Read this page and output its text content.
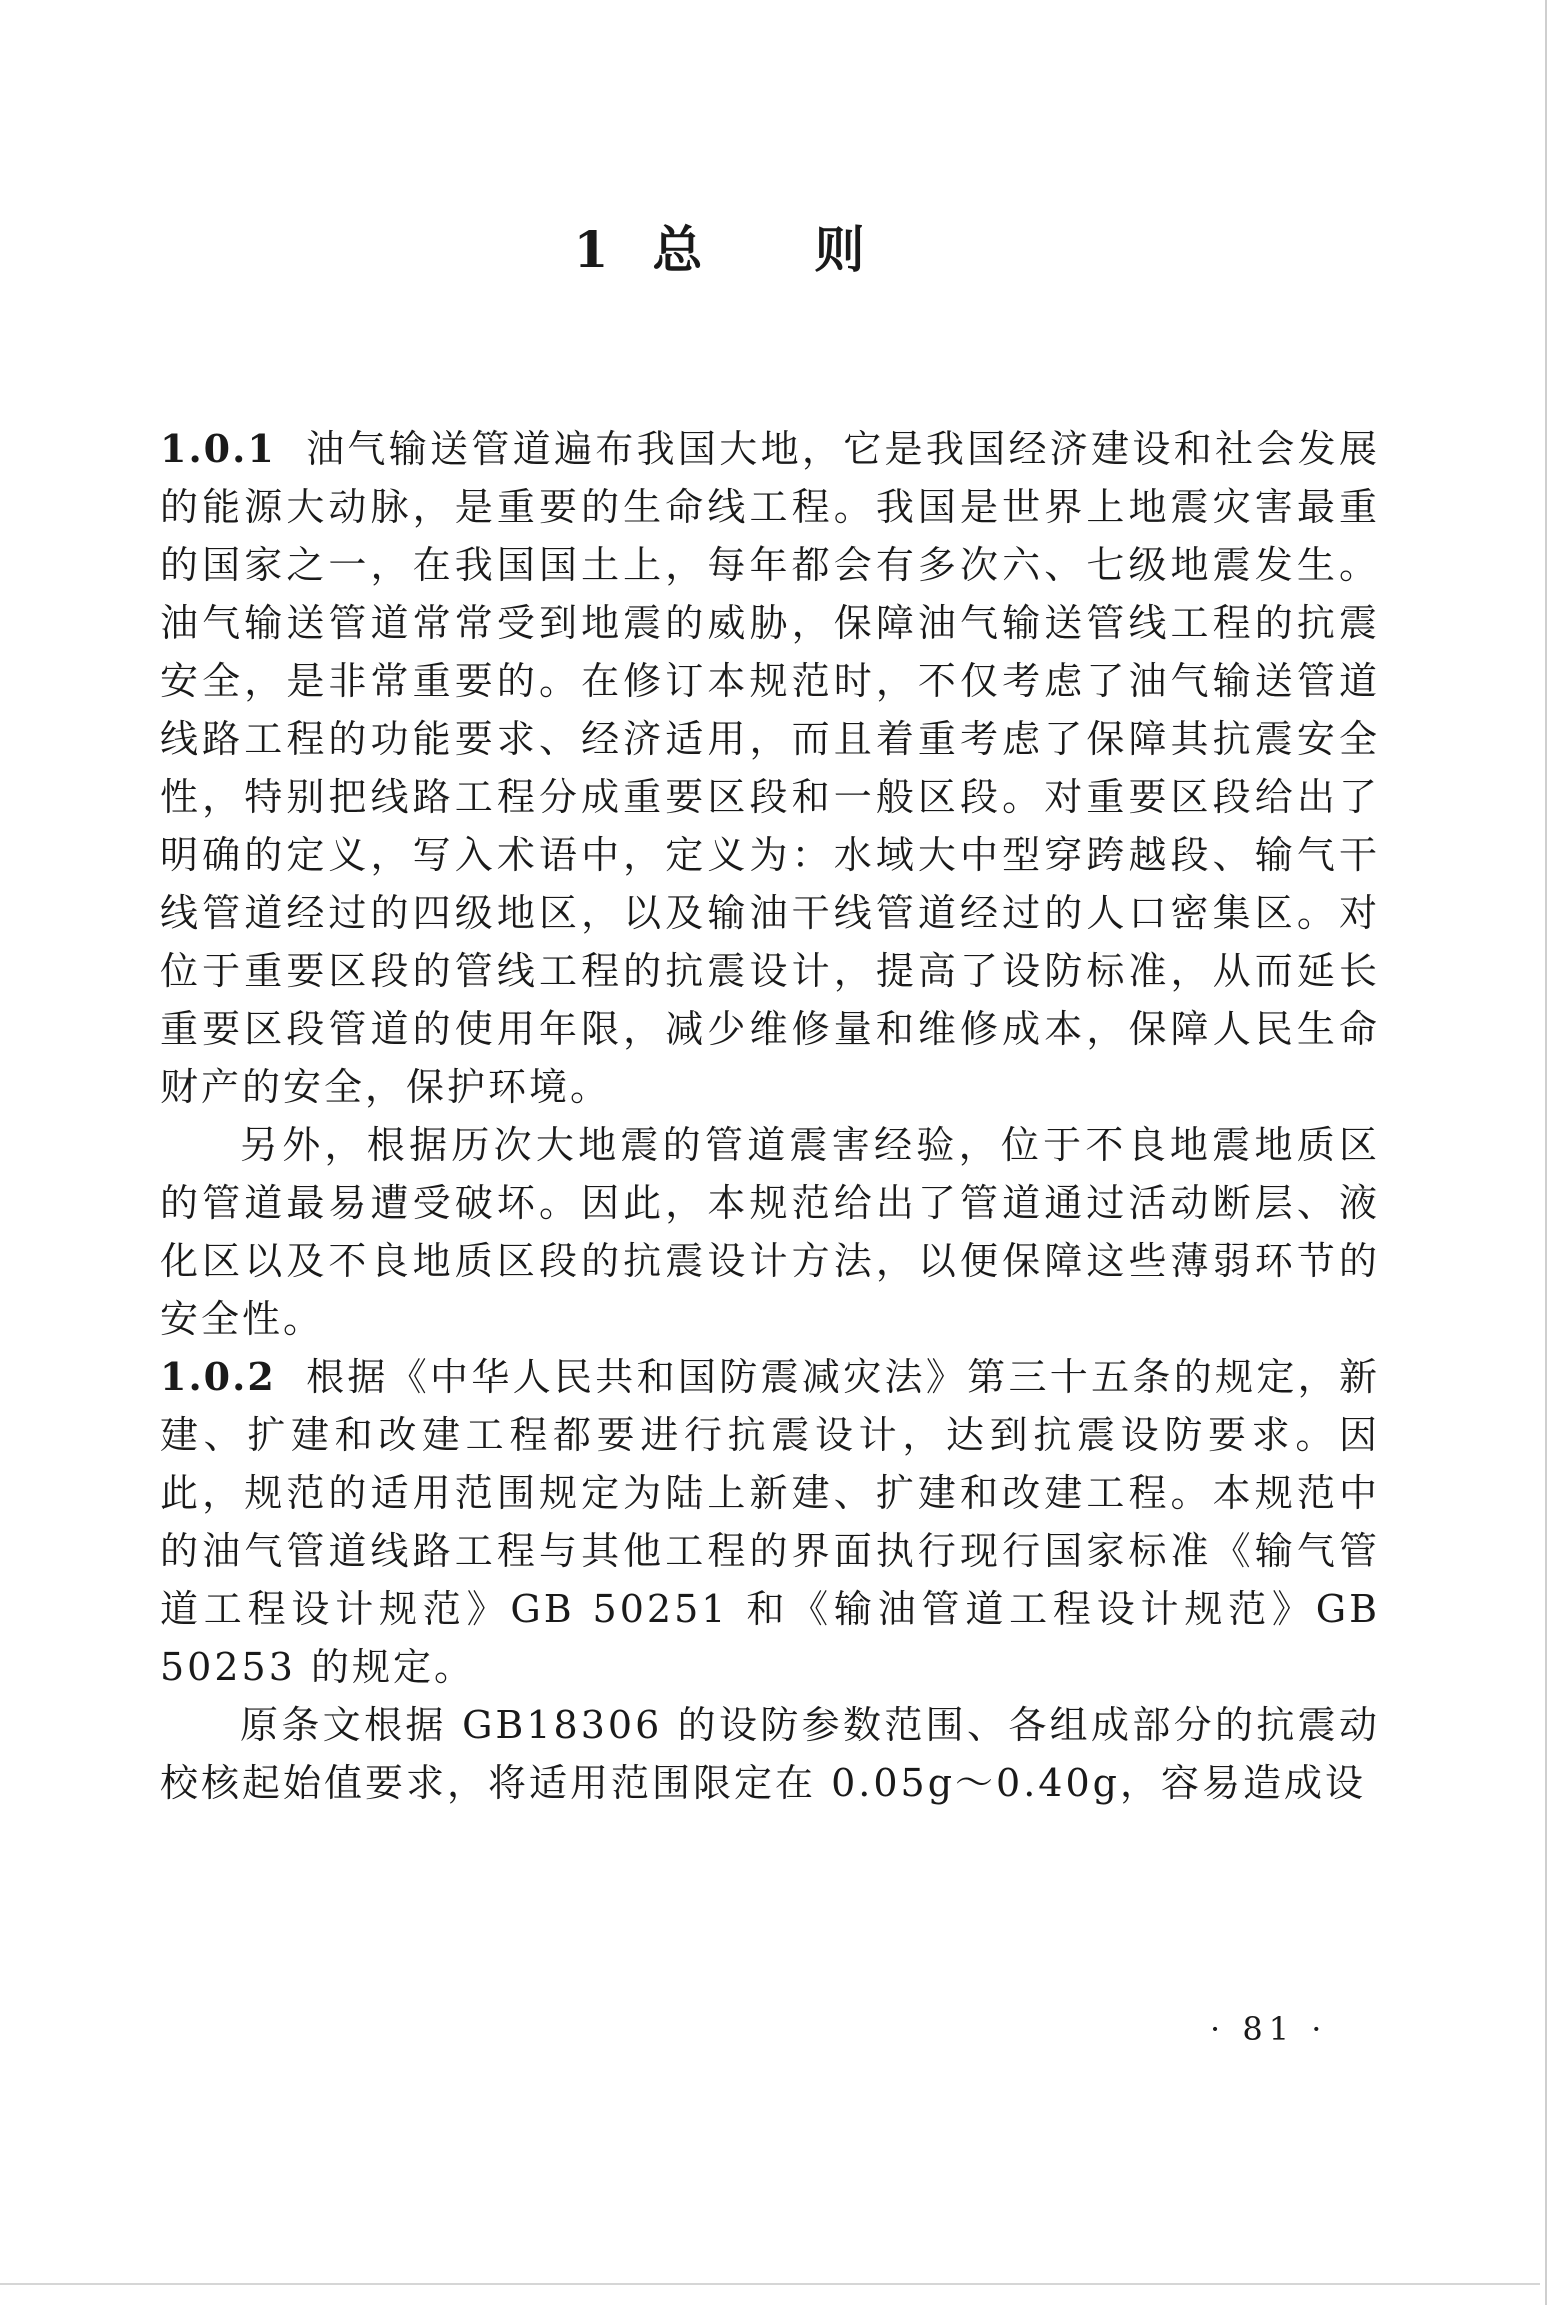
1 总 则

1.0.1 油气输送管道遍布我国大地，它是我国经济建设和社会发展的能源大动脉，是重要的生命线工程。我国是世界上地震灾害最重的国家之一，在我国国土上，每年都会有多次六、七级地震发生。油气输送管道常常受到地震的威胁，保障油气输送管线工程的抗震安全，是非常重要的。在修订本规范时，不仅考虑了油气输送管道线路工程的功能要求、经济适用，而且着重考虑了保障其抗震安全性，特别把线路工程分成重要区段和一般区段。对重要区段给出了明确的定义，写入术语中，定义为：水域大中型穿跨越段、输气干线管道经过的四级地区，以及输油干线管道经过的人口密集区。对位于重要区段的管线工程的抗震设计，提高了设防标准，从而延长重要区段管道的使用年限，减少维修量和维修成本，保障人民生命财产的安全，保护环境。

另外，根据历次大地震的管道震害经验，位于不良地震地质区的管道最易遭受破坏。因此，本规范给出了管道通过活动断层、液化区以及不良地质区段的抗震设计方法，以便保障这些薄弱环节的安全性。

1.0.2 根据《中华人民共和国防震减灾法》第三十五条的规定，新建、扩建和改建工程都要进行抗震设计，达到抗震设防要求。因此，规范的适用范围规定为陆上新建、扩建和改建工程。本规范中的油气管道线路工程与其他工程的界面执行现行国家标准《输气管道工程设计规范》GB 50251 和《输油管道工程设计规范》GB 50253 的规定。

原条文根据 GB18306 的设防参数范围、各组成部分的抗震动校核起始值要求，将适用范围限定在 0.05g～0.40g，容易造成设

· 81 ·
